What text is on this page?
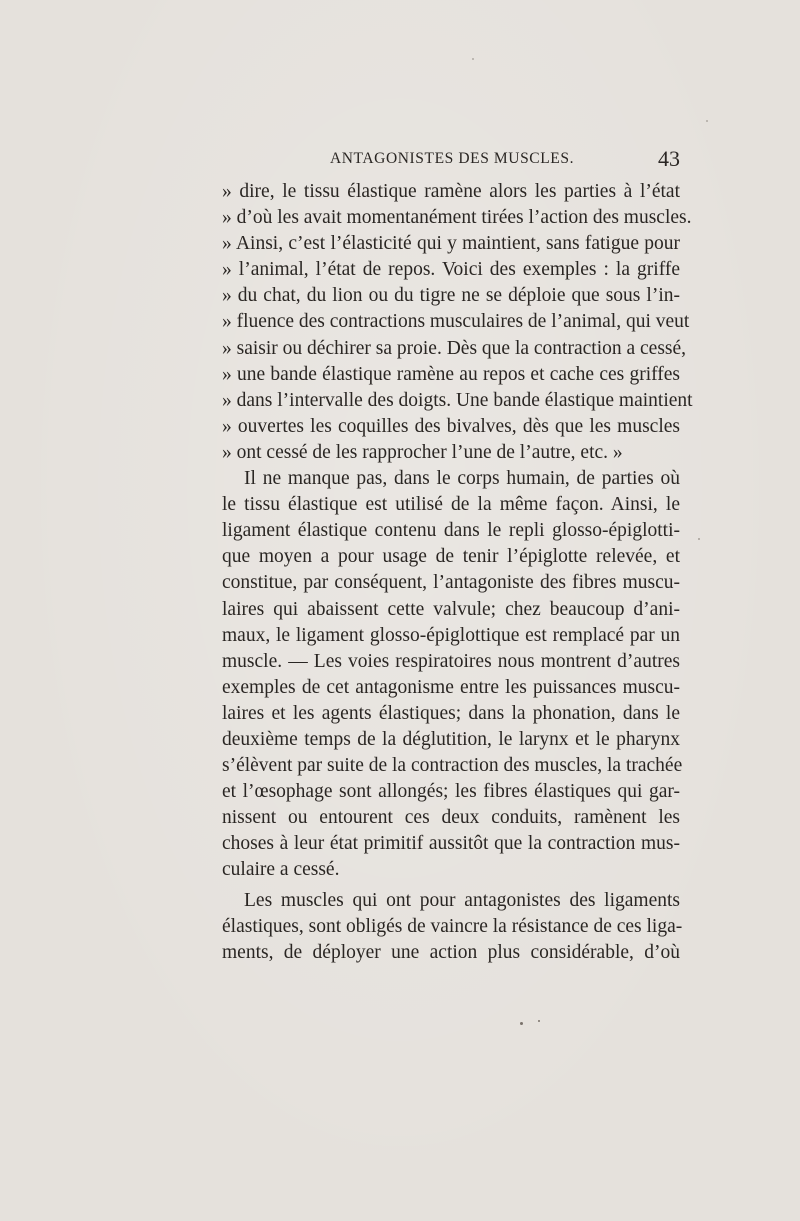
ANTAGONISTES DES MUSCLES.	43
» dire, le tissu élastique ramène alors les parties à l’état
» d’où les avait momentanément tirées l’action des muscles.
» Ainsi, c’est l’élasticité qui y maintient, sans fatigue pour
» l’animal, l’état de repos. Voici des exemples : la griffe
» du chat, du lion ou du tigre ne se déploie que sous l’in-
» fluence des contractions musculaires de l’animal, qui veut
» saisir ou déchirer sa proie. Dès que la contraction a cessé,
» une bande élastique ramène au repos et cache ces griffes
» dans l’intervalle des doigts. Une bande élastique maintient
» ouvertes les coquilles des bivalves, dès que les muscles
» ont cessé de les rapprocher l’une de l’autre, etc. »
Il ne manque pas, dans le corps humain, de parties où
le tissu élastique est utilisé de la même façon. Ainsi, le
ligament élastique contenu dans le repli glosso-épiglotti-
que moyen a pour usage de tenir l’épiglotte relevée, et
constitue, par conséquent, l’antagoniste des fibres muscu-
laires qui abaissent cette valvule; chez beaucoup d’ani-
maux, le ligament glosso-épiglottique est remplacé par un
muscle. — Les voies respiratoires nous montrent d’autres
exemples de cet antagonisme entre les puissances muscu-
laires et les agents élastiques; dans la phonation, dans le
deuxième temps de la déglutition, le larynx et le pharynx
s’élèvent par suite de la contraction des muscles, la trachée
et l’œsophage sont allongés; les fibres élastiques qui gar-
nissent ou entourent ces deux conduits, ramènent les
choses à leur état primitif aussitôt que la contraction mus-
culaire a cessé.
Les muscles qui ont pour antagonistes des ligaments
élastiques, sont obligés de vaincre la résistance de ces liga-
ments, de déployer une action plus considérable, d’où
